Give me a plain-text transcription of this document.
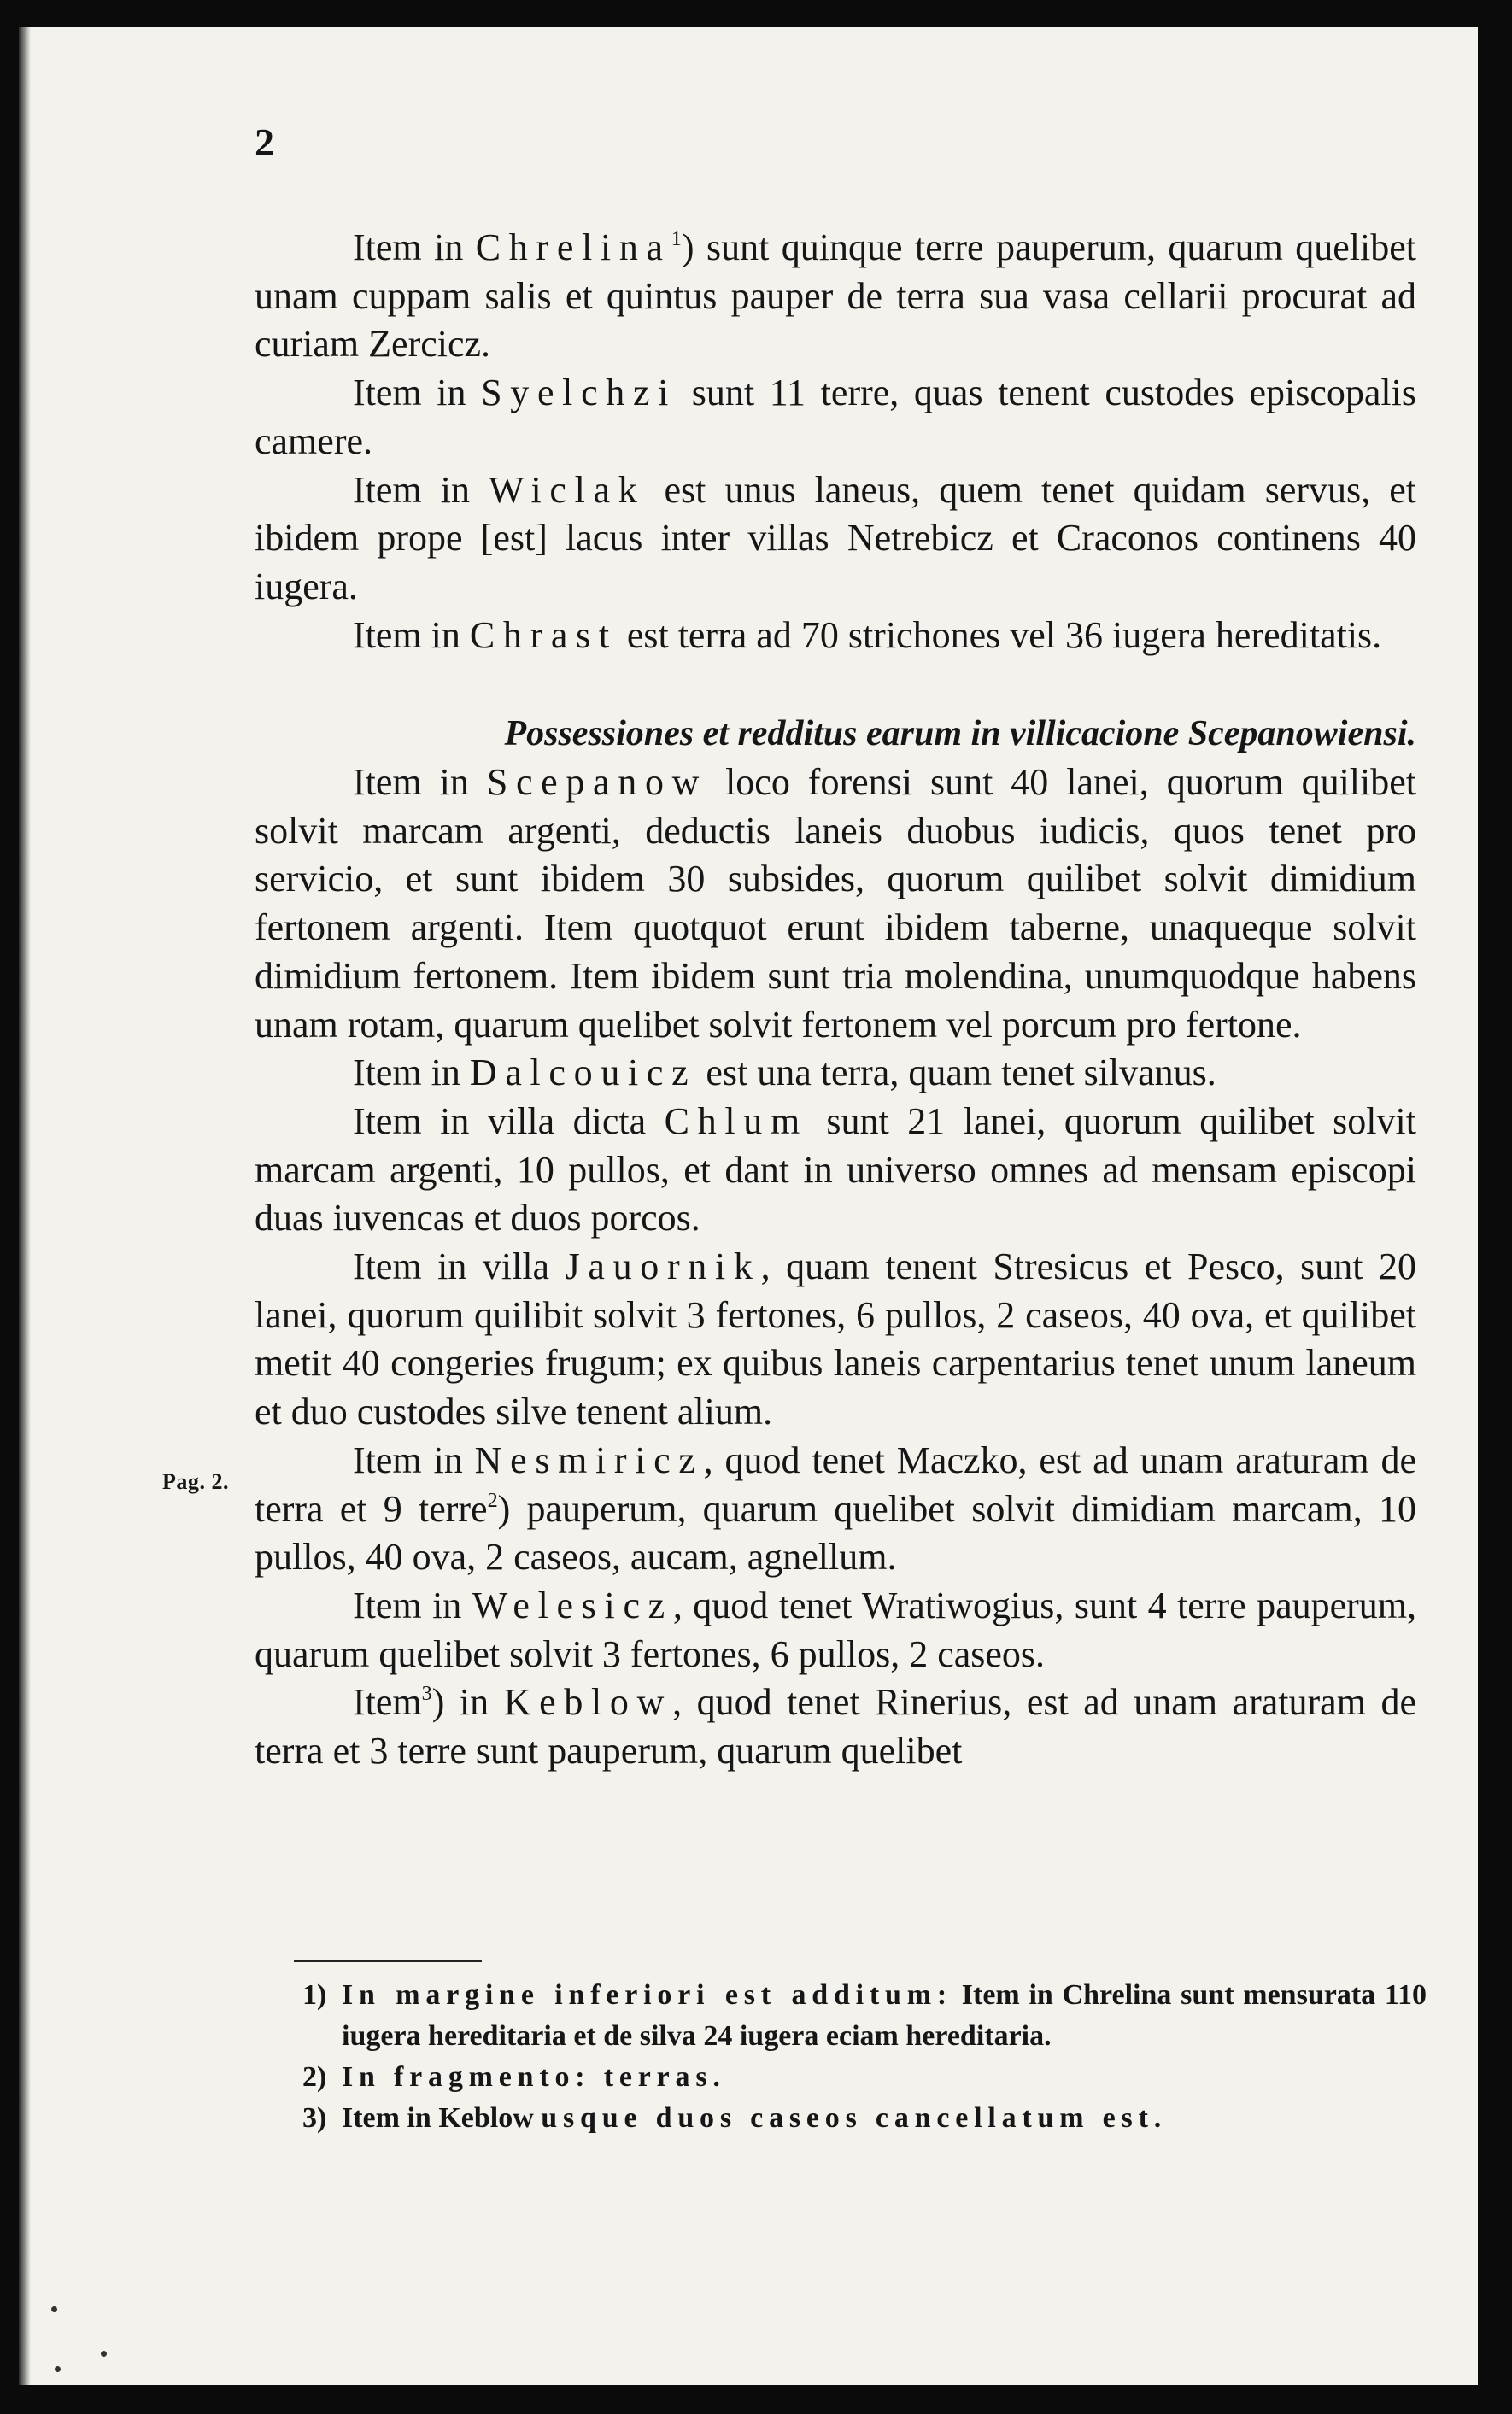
2
Pag. 2.

Item in Chrelina$^1$) sunt quinque terre pauperum, quarum quelibet unam cuppam salis et quintus pauper de terra sua vasa cellarii procurat ad curiam Zercicz.

Item in Syelchzi sunt 11 terre, quas tenent custodes episcopalis camere.

Item in Wiclak est unus laneus, quem tenet quidam servus, et ibidem prope [est] lacus inter villas Netrebicz et Craconos continens 40 iugera.

Item in Chrast est terra ad 70 strichones vel 36 iugera hereditatis.

Possessiones et redditus earum in villicacione Scepanowiensi.

Item in Scepanow loco forensi sunt 40 lanei, quorum quilibet solvit marcam argenti, deductis laneis duobus iudicis, quos tenet pro servicio, et sunt ibidem 30 subsides, quorum quilibet solvit dimidium fertonem argenti. Item quotquot erunt ibidem taberne, unaqueque solvit dimidium fertonem. Item ibidem sunt tria molendina, unumquodque habens unam rotam, quarum quelibet solvit fertonem vel porcum pro fertone.

Item in Dalcouicz est una terra, quam tenet silvanus.

Item in villa dicta Chlum sunt 21 lanei, quorum quilibet solvit marcam argenti, 10 pullos, et dant in universo omnes ad mensam episcopi duas iuvencas et duos porcos.

Item in villa Jauornik, quam tenent Stresicus et Pesco, sunt 20 lanei, quorum quilibit solvit 3 fertones, 6 pullos, 2 caseos, 40 ova, et quilibet metit 40 congeries frugum; ex quibus laneis carpentarius tenet unum laneum et duo custodes silve tenent alium.

Item in Nesmiricz, quod tenet Maczko, est ad unam araturam de terra et 9 terre$^2$) pauperum, quarum quelibet solvit dimidiam marcam, 10 pullos, 40 ova, 2 caseos, aucam, agnellum.

Item in Welesicz, quod tenet Wratiwogius, sunt 4 terre pauperum, quarum quelibet solvit 3 fertones, 6 pullos, 2 caseos.

Item$^3$) in Keblow, quod tenet Rinerius, est ad unam araturam de terra et 3 terre sunt pauperum, quarum quelibet

1) In margine inferiori est additum: Item in Chrelina sunt mensurata 110 iugera hereditaria et de silva 24 iugera eciam hereditaria.

2) In fragmento: terras.

3) Item in Keblow usque duos caseos cancellatum est.
